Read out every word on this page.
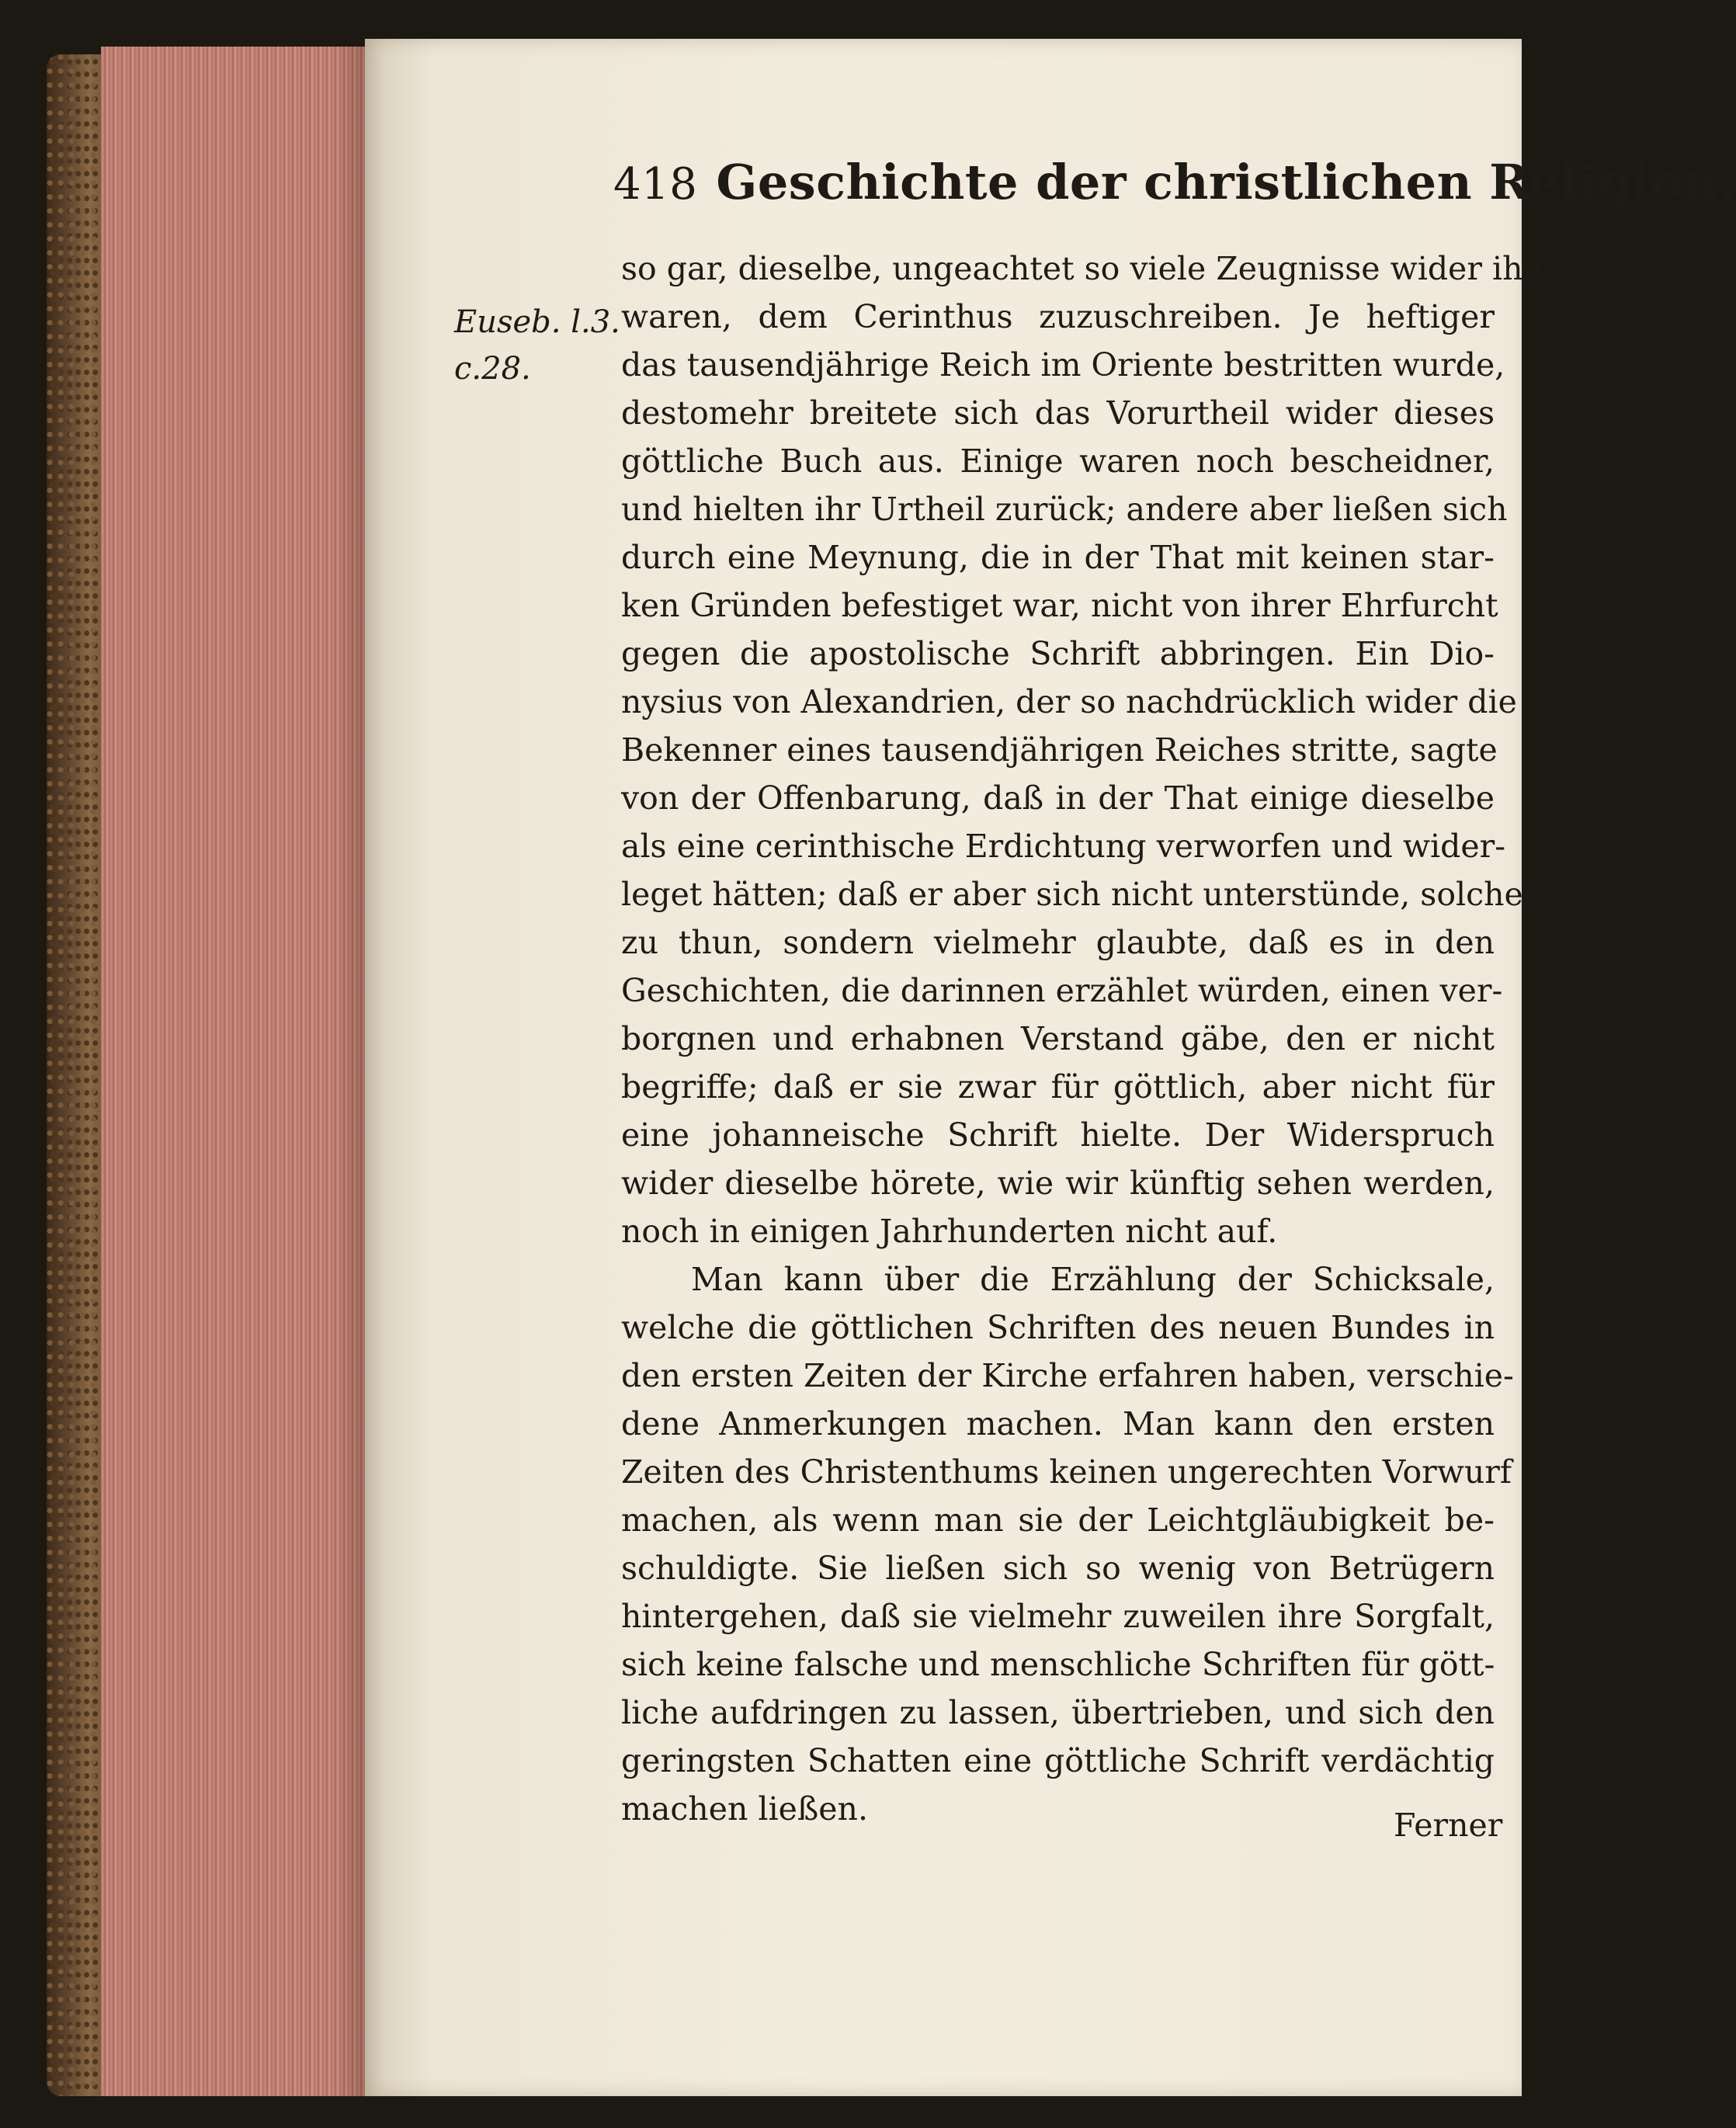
418 Geschichte der christlichen Religion.
Euseb. l.3.
c.28.
so gar, dieselbe, ungeachtet so viele Zeugnisse wider ihn
waren, dem Cerinthus zuzuschreiben. Je heftiger
das tausendjährige Reich im Oriente bestritten wurde,
destomehr breitete sich das Vorurtheil wider dieses
göttliche Buch aus. Einige waren noch bescheidner,
und hielten ihr Urtheil zurück; andere aber ließen sich
durch eine Meynung, die in der That mit keinen star-
ken Gründen befestiget war, nicht von ihrer Ehrfurcht
gegen die apostolische Schrift abbringen. Ein Dio-
nysius von Alexandrien, der so nachdrücklich wider die
Bekenner eines tausendjährigen Reiches stritte, sagte
von der Offenbarung, daß in der That einige dieselbe
als eine cerinthische Erdichtung verworfen und wider-
leget hätten; daß er aber sich nicht unterstünde, solches
zu thun, sondern vielmehr glaubte, daß es in den
Geschichten, die darinnen erzählet würden, einen ver-
borgnen und erhabnen Verstand gäbe, den er nicht
begriffe; daß er sie zwar für göttlich, aber nicht für
eine johanneische Schrift hielte. Der Widerspruch
wider dieselbe hörete, wie wir künftig sehen werden,
noch in einigen Jahrhunderten nicht auf.
Man kann über die Erzählung der Schicksale,
welche die göttlichen Schriften des neuen Bundes in
den ersten Zeiten der Kirche erfahren haben, verschie-
dene Anmerkungen machen. Man kann den ersten
Zeiten des Christenthums keinen ungerechten Vorwurf
machen, als wenn man sie der Leichtgläubigkeit be-
schuldigte. Sie ließen sich so wenig von Betrügern
hintergehen, daß sie vielmehr zuweilen ihre Sorgfalt,
sich keine falsche und menschliche Schriften für gött-
liche aufdringen zu lassen, übertrieben, und sich den
geringsten Schatten eine göttliche Schrift verdächtig
machen ließen.	Ferner
